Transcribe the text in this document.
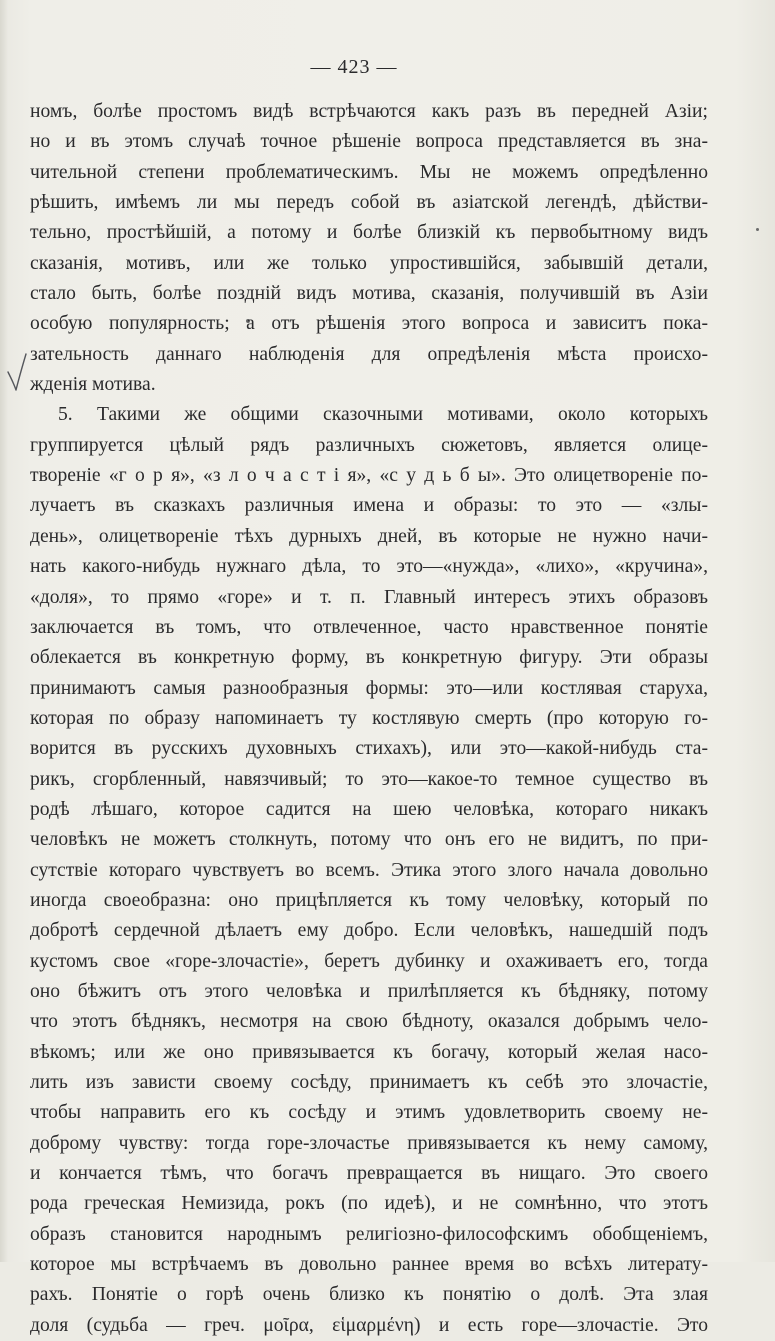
— 423 —
номъ, болѣе простомъ видѣ встрѣчаются какъ разъ въ передней Азіи;
но и въ этомъ случаѣ точное рѣшеніе вопроса представляется въ зна-
чительной степени проблематическимъ. Мы не можемъ опредѣленно
рѣшить, имѣемъ ли мы передъ собой въ азіатской легендѣ, дѣйстви-
тельно, простѣйшій, а потому и болѣе близкій къ первобытному видъ
сказанія, мотивъ, или же только упростившійся, забывшій детали,
стало быть, болѣе поздній видъ мотива, сказанія, получившій въ Азіи
особую популярность; а отъ рѣшенія этого вопроса и зависитъ пока-
зательность даннаго наблюденія для опредѣленія мѣста происхо-
жденія мотива.
5. Такими же общими сказочными мотивами, около которыхъ
группируется цѣлый рядъ различныхъ сюжетовъ, является олице-
твореніе «г о р я», «з л о ч а с т і я», «с у д ь б ы». Это олицетвореніе по-
лучаетъ въ сказкахъ различныя имена и образы: то это — «злы-
день», олицетвореніе тѣхъ дурныхъ дней, въ которые не нужно начи-
нать какого-нибудь нужнаго дѣла, то это—«нужда», «лихо», «кручина»,
«доля», то прямо «горе» и т. п. Главный интересъ этихъ образовъ
заключается въ томъ, что отвлеченное, часто нравственное понятіе
облекается въ конкретную форму, въ конкретную фигуру. Эти образы
принимаютъ самыя разнообразныя формы: это—или костлявая старуха,
которая по образу напоминаетъ ту костлявую смерть (про которую го-
ворится въ русскихъ духовныхъ стихахъ), или это—какой-нибудь ста-
рикъ, сгорбленный, навязчивый; то это—какое-то темное существо въ
родѣ лѣшаго, которое садится на шею человѣка, котораго никакъ
человѣкъ не можетъ столкнуть, потому что онъ его не видитъ, по при-
сутствіе котораго чувствуетъ во всемъ. Этика этого злого начала довольно
иногда своеобразна: оно прицѣпляется къ тому человѣку, который по
добротѣ сердечной дѣлаетъ ему добро. Если человѣкъ, нашедшій подъ
кустомъ свое «горе-злочастіе», беретъ дубинку и охаживаетъ его, тогда
оно бѣжитъ отъ этого человѣка и прилѣпляется къ бѣдняку, потому
что этотъ бѣднякъ, несмотря на свою бѣдноту, оказался добрымъ чело-
вѣкомъ; или же оно привязывается къ богачу, который желая насо-
лить изъ зависти своему сосѣду, принимаетъ къ себѣ это злочастіе,
чтобы направить его къ сосѣду и этимъ удовлетворить своему не-
доброму чувству: тогда горе-злочастье привязывается къ нему самому,
и кончается тѣмъ, что богачъ превращается въ нищаго. Это своего
рода греческая Немизида, рокъ (по идеѣ), и не сомнѣнно, что этотъ
образъ становится народнымъ религіозно-философскимъ обобщеніемъ,
которое мы встрѣчаемъ въ довольно раннее время во всѣхъ литерату-
рахъ. Понятіе о горѣ очень близко къ понятію о долѣ. Эта злая
доля (судьба — греч. μοῖρα, εἱμαρμένη) и есть горе—злочастіе. Это
